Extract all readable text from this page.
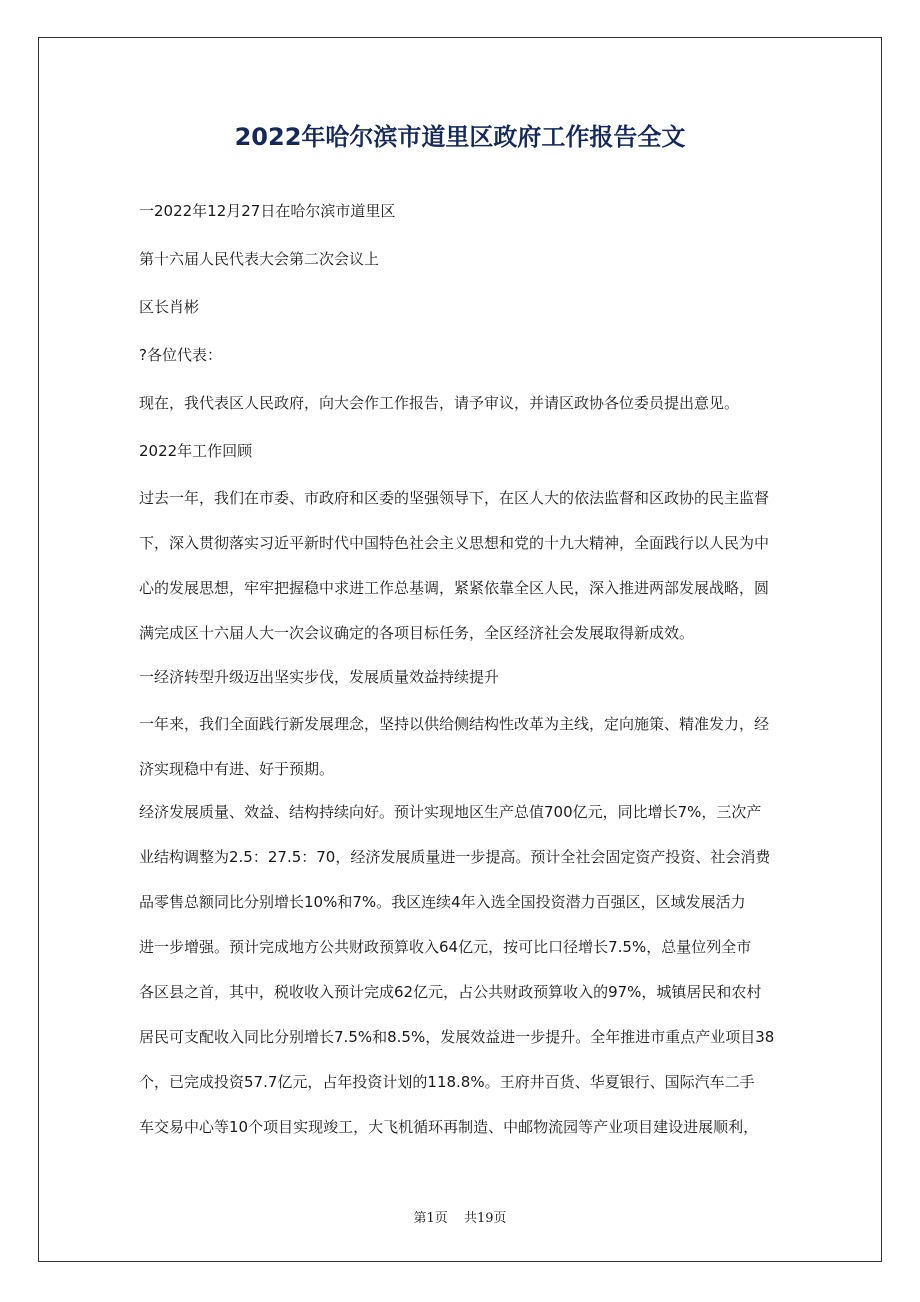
2022年哈尔滨市道里区政府工作报告全文

一2022年12月27日在哈尔滨市道里区

第十六届人民代表大会第二次会议上

区长肖彬

?各位代表：

现在，我代表区人民政府，向大会作工作报告，请予审议，并请区政协各位委员提出意见。

2022年工作回顾

过去一年，我们在市委、市政府和区委的坚强领导下，在区人大的依法监督和区政协的民主监督
下，深入贯彻落实习近平新时代中国特色社会主义思想和党的十九大精神，全面践行以人民为中
心的发展思想，牢牢把握稳中求进工作总基调，紧紧依靠全区人民，深入推进两部发展战略，圆
满完成区十六届人大一次会议确定的各项目标任务，全区经济社会发展取得新成效。

一经济转型升级迈出坚实步伐，发展质量效益持续提升

一年来，我们全面践行新发展理念，坚持以供给侧结构性改革为主线，定向施策、精准发力，经
济实现稳中有进、好于预期。

经济发展质量、效益、结构持续向好。预计实现地区生产总值700亿元，同比增长7%，三次产
业结构调整为2.5：27.5：70，经济发展质量进一步提高。预计全社会固定资产投资、社会消费
品零售总额同比分别增长10%和7%。我区连续4年入选全国投资潜力百强区，区域发展活力
进一步增强。预计完成地方公共财政预算收入64亿元，按可比口径增长7.5%，总量位列全市
各区县之首，其中，税收收入预计完成62亿元，占公共财政预算收入的97%，城镇居民和农村
居民可支配收入同比分别增长7.5%和8.5%，发展效益进一步提升。全年推进市重点产业项目38
个，已完成投资57.7亿元，占年投资计划的118.8%。王府井百货、华夏银行、国际汽车二手
车交易中心等10个项目实现竣工，大飞机循环再制造、中邮物流园等产业项目建设进展顺利，

第1页 共19页
